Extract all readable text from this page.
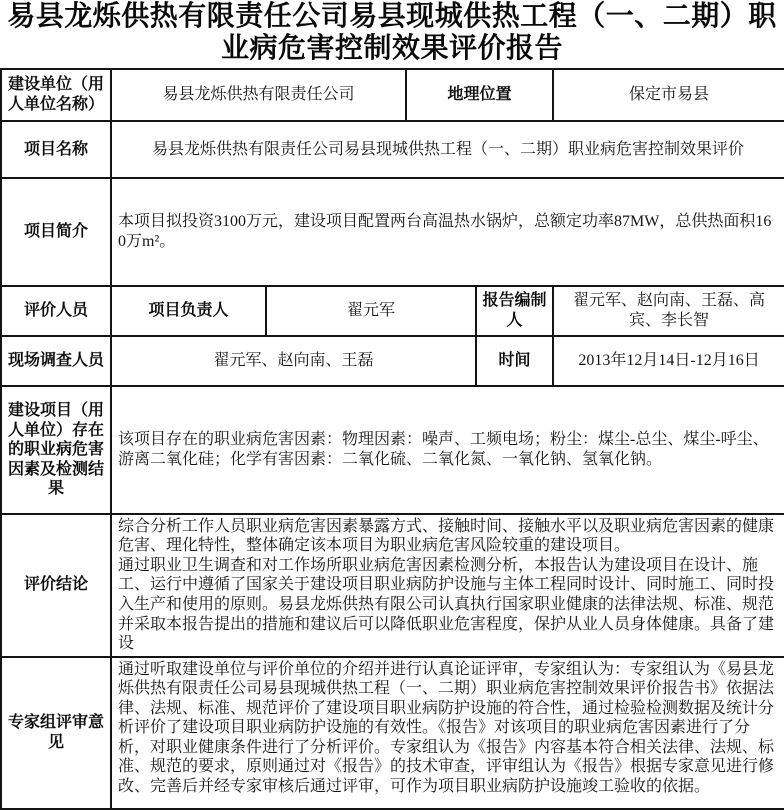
易县龙烁供热有限责任公司易县现城供热工程（一、二期）职业病危害控制效果评价报告
建设单位（用人单位名称）	易县龙烁供热有限责任公司		地理位置		保定市易县
项目名称	易县龙烁供热有限责任公司易县现城供热工程（一、二期）职业病危害控制效果评价				
项目简介	本项目拟投资3100万元，建设项目配置两台高温热水锅炉，总额定功率87MW，总供热面积160万m²。				
评价人员	项目负责人	翟元军		报告编制人	翟元军、赵向南、王磊、高宾、李长智
现场调查人员	翟元军、赵向南、王磊			时间	2013年12月14日-12月16日
建设项目（用人单位）存在的职业病危害因素及检测结果	该项目存在的职业病危害因素：物理因素：噪声、工频电场；粉尘：煤尘-总尘、煤尘-呼尘、游离二氧化硅；化学有害因素：二氧化硫、二氧化氮、一氧化钠、氢氧化钠。				
评价结论	综合分析工作人员职业病危害因素暴露方式、接触时间、接触水平以及职业病危害因素的健康危害、理化特性，整体确定该本项目为职业病危害风险较重的建设项目。

通过职业卫生调查和对工作场所职业病危害因素检测分析，本报告认为建设项目在设计、施工、运行中遵循了国家关于建设项目职业病防护设施与主体工程同时设计、同时施工、同时投入生产和使用的原则。易县龙烁供热有限公司认真执行国家职业健康的法律法规、标准、规范并采取本报告提出的措施和建议后可以降低职业危害程度，保护从业人员身体健康。具备了建设				

专家组评审意见	通过听取建设单位与评价单位的介绍并进行认真论证评审，专家组认为：专家组认为《易县龙烁供热有限责任公司易县现城供热工程（一、二期）职业病危害控制效果评价报告书》依据法律、法规、标准、规范评价了建设项目职业病防护设施的符合性，通过检验检测数据及统计分析评价了建设项目职业病防护设施的有效性。《报告》对该项目的职业病危害因素进行了分析，对职业健康条件进行了分析评价。专家组认为《报告》内容基本符合相关法律、法规、标准、规范的要求，原则通过对《报告》的技术审查，评审组认为《报告》根据专家意见进行修改、完善后并经专家审核后通过评审，可作为项目职业病防护设施竣工验收的依据。				
